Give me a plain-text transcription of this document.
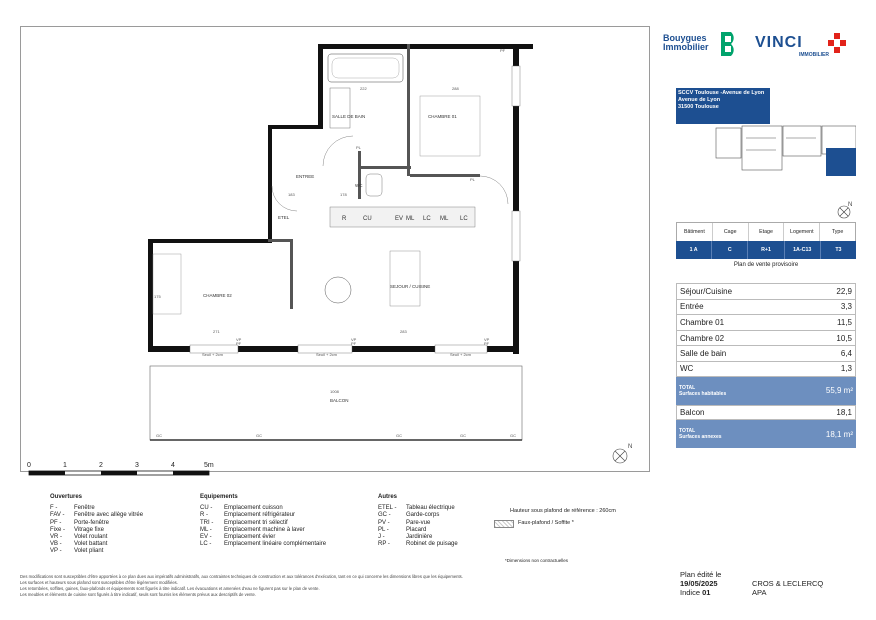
SALLE DE BAIN	CHAMBRE 01
ENTREE
CHAMBRE 02
SEJOUR / CUISINE
BALCON
WC
ETEL	R	CU	EV ML LC ML LC
Seuil + 2cm	Seuil + 2cm	Seuil + 2cm
VP
PF
VP
PF
VP
PF
PL
PL
GC	GC	GC	GC	GC
222	288
183	178
1008
175
271	283
PF
N
0	1	2	3	4	5m
Ouvertures
F -	Fenêtre
FAV -	Fenêtre avec allège vitrée
PF -	Porte-fenêtre
Fixe -	Vitrage fixe
VR -	Volet roulant
VB -	Volet battant
VP -	Volet pliant
Equipements
CU -	Emplacement cuisson
R -	Emplacement réfrigérateur
TRI -	Emplacement tri sélectif
ML -	Emplacement machine à laver
EV -	Emplacement évier
LC -	Emplacement linéaire complémentaire
Autres
ETEL -	Tableau électrique
GC -	Garde-corps
PV -	Pare-vue
PL -	Placard
J -	Jardinière
RP -	Robinet de puisage
Hauteur sous plafond de référence : 260cm
Faux-plafond / Soffite *
*Dimensions non contractuelles
Des modifications sont susceptibles d'être apportées à ce plan dues aux impératifs administratifs, aux contraintes techniques de construction et aux tolérances d'exécution, tant en ce qui concerne les dimensions libres que les équipements.
Les surfaces et hauteurs sous plafond sont susceptibles d'être légèrement modifiées.
Les retombées, soffites, gaines, faux-plafonds et équipements sont figurés à titre indicatif. Les évacuations et amenées d'eau ne figurent pas sur le plan de vente.
Les meubles et éléments de cuisine sont figurés à titre indicatif, seuls sont fournis les éléments prévus aux descriptifs de vente.
Bouygues
Immobilier	VINCI
IMMOBILIER
SCCV Toulouse -Avenue de Lyon
Avenue de Lyon
31500 Toulouse
N
Bâtiment	Cage	Etage	Logement	Type
1 A	C	R+1	1A-C13	T3
Plan de vente provisoire
Séjour/Cuisine	22,9
Entrée	3,3
Chambre 01	11,5
Chambre 02	10,5
Salle de bain	6,4
WC	1,3
TOTAL
Surfaces habitables	55,9 m²
Balcon	18,1
TOTAL
Surfaces annexes	18,1 m²
Plan édité le
19/05/2025
Indice 01
CROS & LECLERCQ
APA
